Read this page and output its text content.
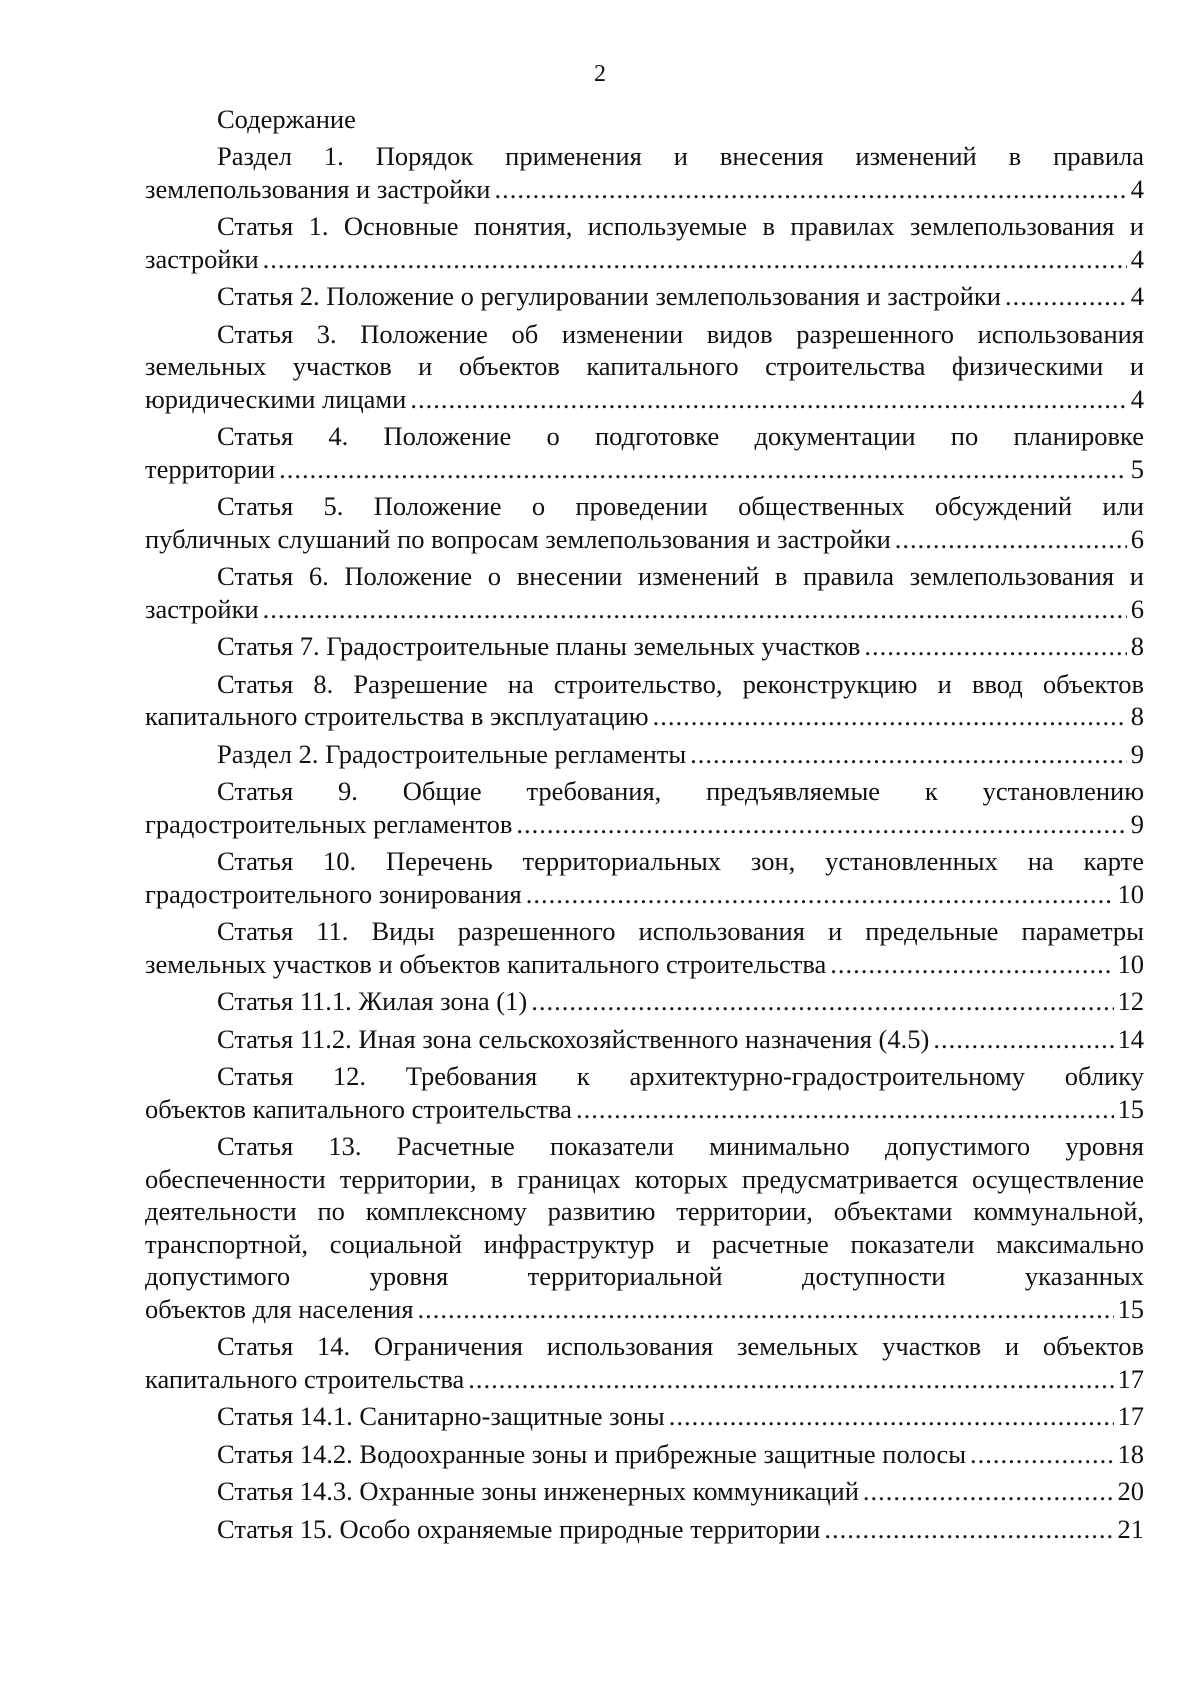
2
Содержание
Раздел 1. Порядок применения и внесения изменений в правила
землепользования и застройки .....	4
Статья 1. Основные понятия, используемые в правилах землепользования и
застройки .....	4
Статья 2. Положение о регулировании землепользования и застройки .....	4
Статья 3. Положение об изменении видов разрешенного использования земельных участков и объектов капитального строительства физическими и
юридическими лицами .....	4
Статья 4. Положение о подготовке документации по планировке
территории .....	5
Статья 5. Положение о проведении общественных обсуждений или
публичных слушаний по вопросам землепользования и застройки .....	6
Статья 6. Положение о внесении изменений в правила землепользования и
застройки .....	6
Статья 7. Градостроительные планы земельных участков .....	8
Статья 8. Разрешение на строительство, реконструкцию и ввод объектов
капитального строительства в эксплуатацию .....	8
Раздел 2. Градостроительные регламенты .....	9
Статья 9. Общие требования, предъявляемые к установлению
градостроительных регламентов .....	9
Статья 10. Перечень территориальных зон, установленных на карте
градостроительного зонирования .....	10
Статья 11. Виды разрешенного использования и предельные параметры
земельных участков и объектов капитального строительства .....	10
Статья 11.1. Жилая зона (1) .....	12
Статья 11.2. Иная зона сельскохозяйственного назначения (4.5) .....	14
Статья 12. Требования к архитектурно-градостроительному облику
объектов капитального строительства .....	15
Статья 13. Расчетные показатели минимально допустимого уровня обеспеченности территории, в границах которых предусматривается осуществление деятельности по комплексному развитию территории, объектами коммунальной, транспортной, социальной инфраструктур и расчетные показатели максимально допустимого уровня территориальной доступности указанных
объектов для населения .....	15
Статья 14. Ограничения использования земельных участков и объектов
капитального строительства .....	17
Статья 14.1. Санитарно-защитные зоны .....	17
Статья 14.2. Водоохранные зоны и прибрежные защитные полосы .....	18
Статья 14.3. Охранные зоны инженерных коммуникаций .....	20
Статья 15. Особо охраняемые природные территории .....	21
